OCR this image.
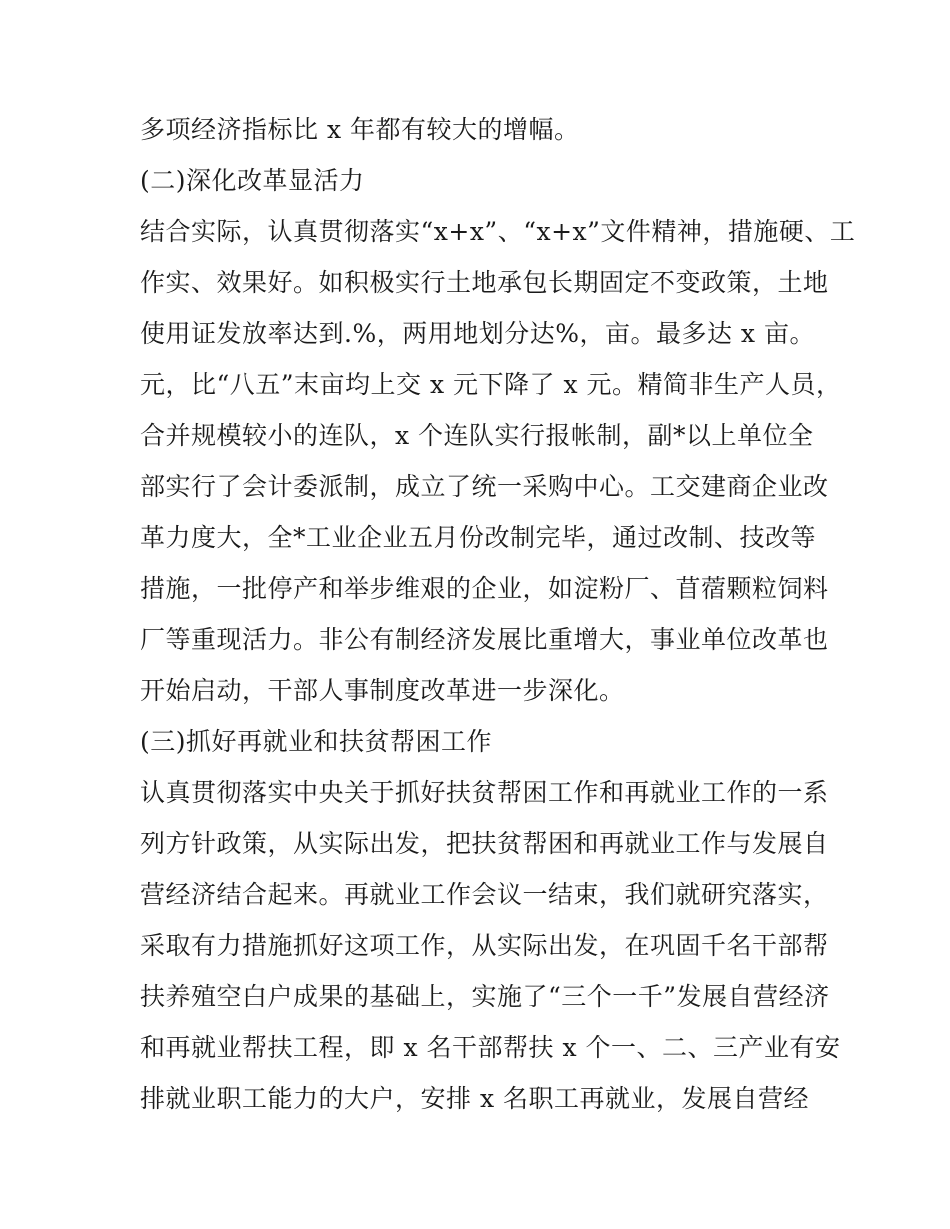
多项经济指标比 x 年都有较大的增幅。
(二)深化改革显活力
结合实际，认真贯彻落实“x+x”、“x+x”文件精神，措施硬、工
作实、效果好。如积极实行土地承包长期固定不变政策，土地
使用证发放率达到.%，两用地划分达%，亩。最多达 x 亩。
元，比“八五”末亩均上交 x 元下降了 x 元。精简非生产人员，
合并规模较小的连队，x 个连队实行报帐制，副*以上单位全
部实行了会计委派制，成立了统一采购中心。工交建商企业改
革力度大，全*工业企业五月份改制完毕，通过改制、技改等
措施，一批停产和举步维艰的企业，如淀粉厂、苜蓿颗粒饲料
厂等重现活力。非公有制经济发展比重增大，事业单位改革也
开始启动，干部人事制度改革进一步深化。
(三)抓好再就业和扶贫帮困工作
认真贯彻落实中央关于抓好扶贫帮困工作和再就业工作的一系
列方针政策，从实际出发，把扶贫帮困和再就业工作与发展自
营经济结合起来。再就业工作会议一结束，我们就研究落实，
采取有力措施抓好这项工作，从实际出发，在巩固千名干部帮
扶养殖空白户成果的基础上，实施了“三个一千”发展自营经济
和再就业帮扶工程，即 x 名干部帮扶 x 个一、二、三产业有安
排就业职工能力的大户，安排 x 名职工再就业，发展自营经
